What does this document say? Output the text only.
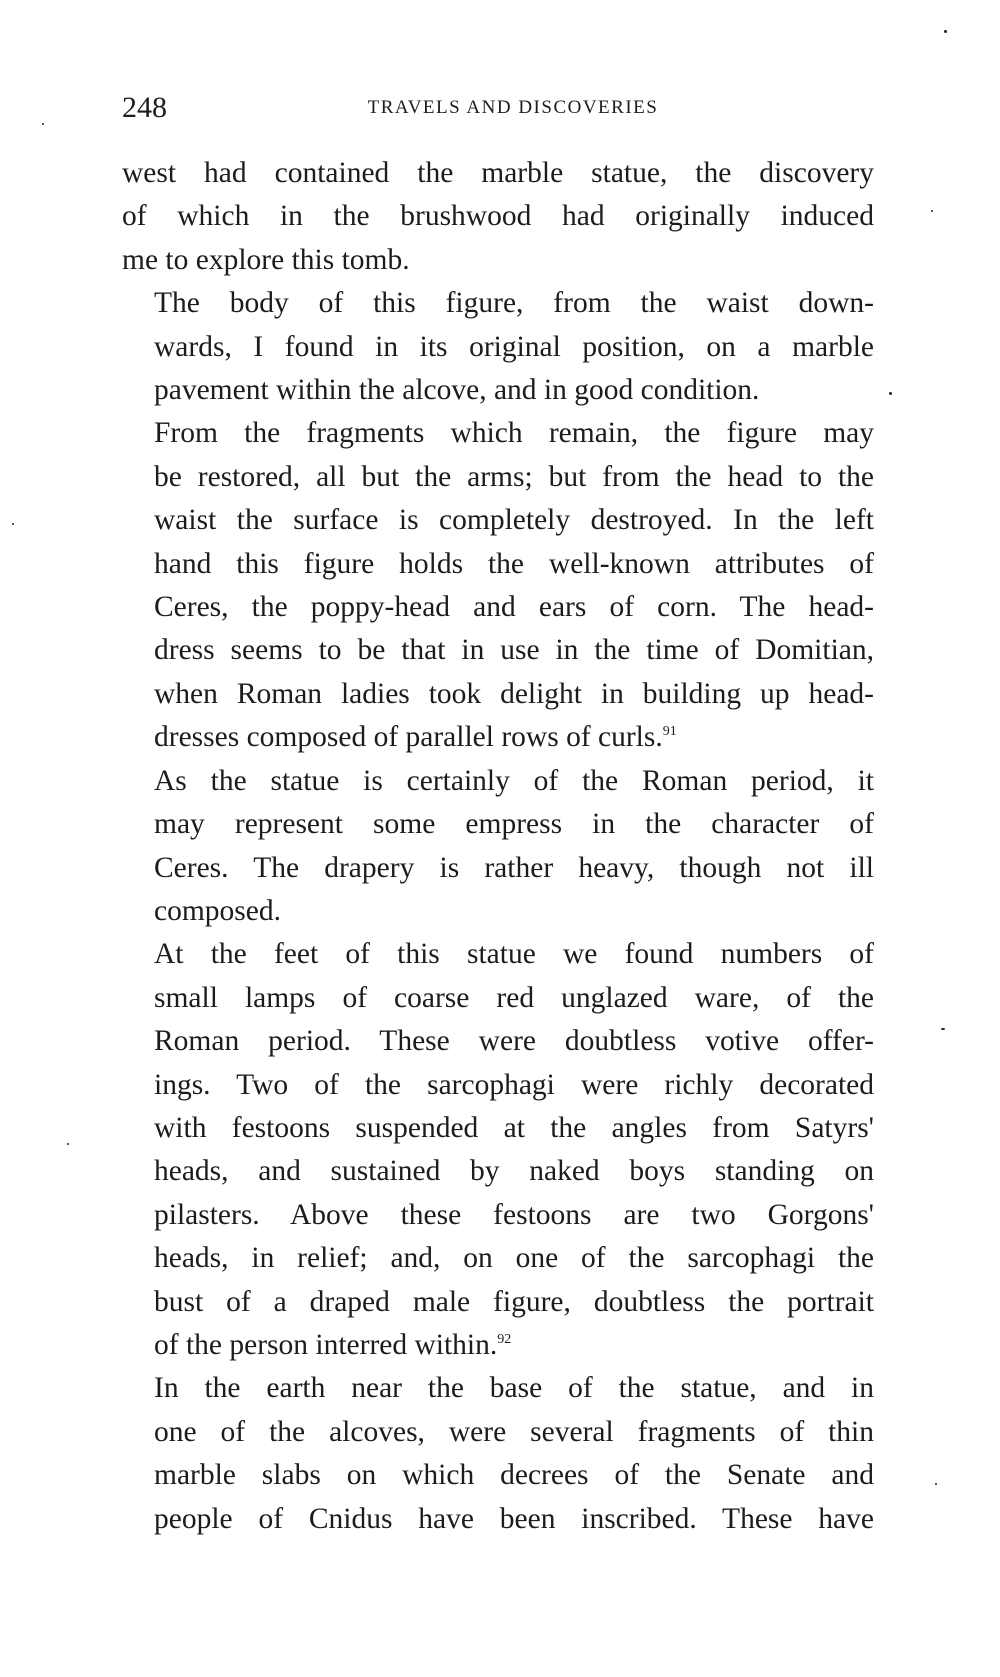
248	TRAVELS AND DISCOVERIES
west had contained the marble statue, the discovery
of which in the brushwood had originally induced
me to explore this tomb.
The body of this figure, from the waist down-
wards, I found in its original position, on a marble
pavement within the alcove, and in good condition.
From the fragments which remain, the figure may
be restored, all but the arms; but from the head to the
waist the surface is completely destroyed. In the left
hand this figure holds the well-known attributes of
Ceres, the poppy-head and ears of corn. The head-
dress seems to be that in use in the time of Domitian,
when Roman ladies took delight in building up head-
dresses composed of parallel rows of curls.$^{91}$
As the statue is certainly of the Roman period, it
may represent some empress in the character of
Ceres. The drapery is rather heavy, though not ill
composed.
At the feet of this statue we found numbers of
small lamps of coarse red unglazed ware, of the
Roman period. These were doubtless votive offer-
ings. Two of the sarcophagi were richly decorated
with festoons suspended at the angles from Satyrs'
heads, and sustained by naked boys standing on
pilasters. Above these festoons are two Gorgons'
heads, in relief; and, on one of the sarcophagi the
bust of a draped male figure, doubtless the portrait
of the person interred within.$^{92}$
In the earth near the base of the statue, and in
one of the alcoves, were several fragments of thin
marble slabs on which decrees of the Senate and
people of Cnidus have been inscribed. These have
